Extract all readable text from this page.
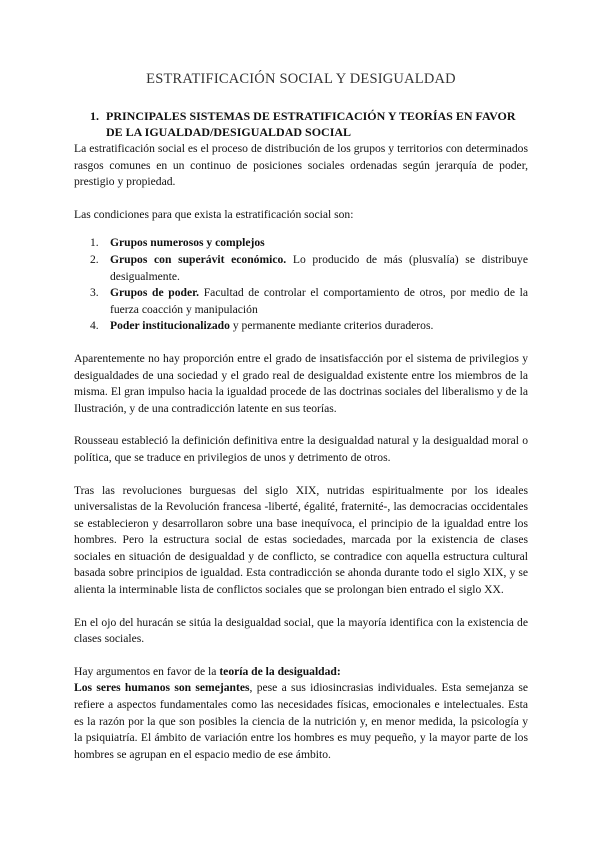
ESTRATIFICACIÓN SOCIAL Y DESIGUALDAD
1. PRINCIPALES SISTEMAS DE ESTRATIFICACIÓN Y TEORÍAS EN FAVOR DE LA IGUALDAD/DESIGUALDAD SOCIAL

La estratificación social es el proceso de distribución de los grupos y territorios con determinados rasgos comunes en un continuo de posiciones sociales ordenadas según jerarquía de poder, prestigio y propiedad.

Las condiciones para que exista la estratificación social son:

1. Grupos numerosos y complejos
2. Grupos con superávit económico. Lo producido de más (plusvalía) se distribuye desigualmente.
3. Grupos de poder. Facultad de controlar el comportamiento de otros, por medio de la fuerza coacción y manipulación
4. Poder institucionalizado y permanente mediante criterios duraderos.

Aparentemente no hay proporción entre el grado de insatisfacción por el sistema de privilegios y desigualdades de una sociedad y el grado real de desigualdad existente entre los miembros de la misma. El gran impulso hacia la igualdad procede de las doctrinas sociales del liberalismo y de la Ilustración, y de una contradicción latente en sus teorías.

Rousseau estableció la definición definitiva entre la desigualdad natural y la desigualdad moral o política, que se traduce en privilegios de unos y detrimento de otros.

Tras las revoluciones burguesas del siglo XIX, nutridas espiritualmente por los ideales universalistas de la Revolución francesa -liberté, égalité, fraternité-, las democracias occidentales se establecieron y desarrollaron sobre una base inequívoca, el principio de la igualdad entre los hombres. Pero la estructura social de estas sociedades, marcada por la existencia de clases sociales en situación de desigualdad y de conflicto, se contradice con aquella estructura cultural basada sobre principios de igualdad. Esta contradicción se ahonda durante todo el siglo XIX, y se alienta la interminable lista de conflictos sociales que se prolongan bien entrado el siglo XX.

En el ojo del huracán se sitúa la desigualdad social, que la mayoría identifica con la existencia de clases sociales.

Hay argumentos en favor de la teoría de la desigualdad:

Los seres humanos son semejantes, pese a sus idiosincrasias individuales. Esta semejanza se refiere a aspectos fundamentales como las necesidades físicas, emocionales e intelectuales. Esta es la razón por la que son posibles la ciencia de la nutrición y, en menor medida, la psicología y la psiquiatría. El ámbito de variación entre los hombres es muy pequeño, y la mayor parte de los hombres se agrupan en el espacio medio de ese ámbito.
